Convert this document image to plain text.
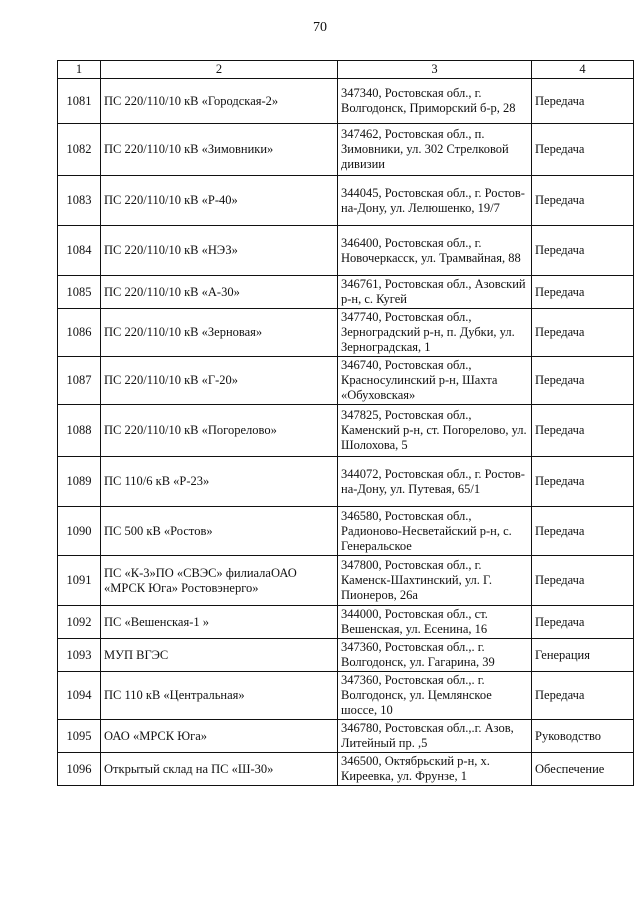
70
1	2	3	4
1081	ПС 220/110/10 кВ «Городская-2»	347340, Ростовская обл., г. Волгодонск, Приморский б-р, 28	Передача
1082	ПС 220/110/10 кВ «Зимовники»	347462, Ростовская обл., п. Зимовники, ул. 302 Стрелковой дивизии	Передача
1083	ПС 220/110/10 кВ «Р-40»	344045, Ростовская обл., г. Ростов-на-Дону, ул. Лелюшенко, 19/7	Передача
1084	ПС 220/110/10 кВ «НЭЗ»	346400, Ростовская обл., г. Новочеркасск, ул. Трамвайная, 88	Передача
1085	ПС 220/110/10 кВ «А-30»	346761, Ростовская обл., Азовский р-н, с. Кугей	Передача
1086	ПС 220/110/10 кВ «Зерновая»	347740, Ростовская обл., Зерноградский р-н, п. Дубки, ул. Зерноградская, 1	Передача
1087	ПС 220/110/10 кВ «Г-20»	346740, Ростовская обл., Красносулинский р-н, Шахта «Обуховская»	Передача
1088	ПС 220/110/10 кВ «Погорелово»	347825, Ростовская обл., Каменский р-н, ст. Погорелово, ул. Шолохова, 5	Передача
1089	ПС 110/6 кВ «Р-23»	344072, Ростовская обл., г. Ростов-на-Дону, ул. Путевая, 65/1	Передача
1090	ПС 500 кВ «Ростов»	346580, Ростовская обл., Радионово-Несветайский р-н, с. Генеральское	Передача
1091	ПС «К-3»ПО «СВЭС» филиалаОАО «МРСК Юга» Ростовэнерго»	347800, Ростовская обл., г. Каменск-Шахтинский, ул. Г. Пионеров, 26а	Передача
1092	ПС «Вешенская-1 »	344000, Ростовская обл., ст. Вешенская, ул. Есенина, 16	Передача
1093	МУП ВГЭС	347360, Ростовская обл.,. г. Волгодонск, ул. Гагарина, 39	Генерация
1094	ПС 110 кВ «Центральная»	347360, Ростовская обл.,. г. Волгодонск, ул. Цемлянское шоссе, 10	Передача
1095	ОАО «МРСК Юга»	346780, Ростовская обл.,.г. Азов, Литейный пр. ,5	Руководство
1096	Открытый склад на ПС «Ш-30»	346500, Октябрьский р-н, х. Киреевка, ул. Фрунзе, 1	Обеспечение
